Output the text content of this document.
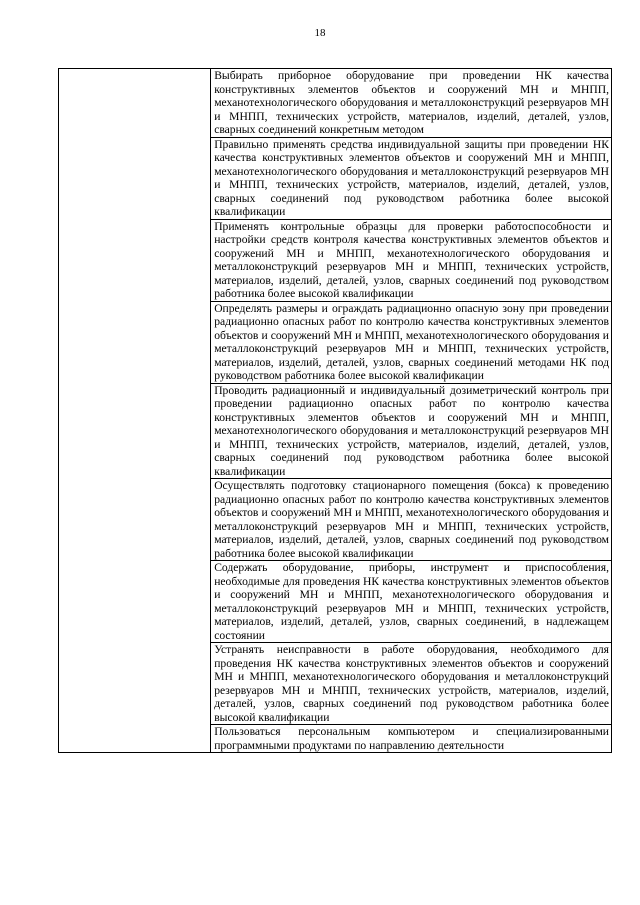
18

Выбирать приборное оборудование при проведении НК качества конструктивных элементов объектов и сооружений МН и МНПП, механотехнологического оборудования и металлоконструкций резервуаров МН и МНПП, технических устройств, материалов, изделий, деталей, узлов, сварных соединений конкретным методом
Правильно применять средства индивидуальной защиты при проведении НК качества конструктивных элементов объектов и сооружений МН и МНПП, механотехнологического оборудования и металлоконструкций резервуаров МН и МНПП, технических устройств, материалов, изделий, деталей, узлов, сварных соединений под руководством работника более высокой квалификации
Применять контрольные образцы для проверки работоспособности и настройки средств контроля качества конструктивных элементов объектов и сооружений МН и МНПП, механотехнологического оборудования и металлоконструкций резервуаров МН и МНПП, технических устройств, материалов, изделий, деталей, узлов, сварных соединений под руководством работника более высокой квалификации
Определять размеры и ограждать радиационно опасную зону при проведении радиационно опасных работ по контролю качества конструктивных элементов объектов и сооружений МН и МНПП, механотехнологического оборудования и металлоконструкций резервуаров МН и МНПП, технических устройств, материалов, изделий, деталей, узлов, сварных соединений методами НК под руководством работника более высокой квалификации
Проводить радиационный и индивидуальный дозиметрический контроль при проведении радиационно опасных работ по контролю качества конструктивных элементов объектов и сооружений МН и МНПП, механотехнологического оборудования и металлоконструкций резервуаров МН и МНПП, технических устройств, материалов, изделий, деталей, узлов, сварных соединений под руководством работника более высокой квалификации
Осуществлять подготовку стационарного помещения (бокса) к проведению радиационно опасных работ по контролю качества конструктивных элементов объектов и сооружений МН и МНПП, механотехнологического оборудования и металлоконструкций резервуаров МН и МНПП, технических устройств, материалов, изделий, деталей, узлов, сварных соединений под руководством работника более высокой квалификации
Содержать оборудование, приборы, инструмент и приспособления, необходимые для проведения НК качества конструктивных элементов объектов и сооружений МН и МНПП, механотехнологического оборудования и металлоконструкций резервуаров МН и МНПП, технических устройств, материалов, изделий, деталей, узлов, сварных соединений, в надлежащем состоянии
Устранять неисправности в работе оборудования, необходимого для проведения НК качества конструктивных элементов объектов и сооружений МН и МНПП, механотехнологического оборудования и металлоконструкций резервуаров МН и МНПП, технических устройств, материалов, изделий, деталей, узлов, сварных соединений под руководством работника более высокой квалификации
Пользоваться персональным компьютером и специализированными программными продуктами по направлению деятельности
